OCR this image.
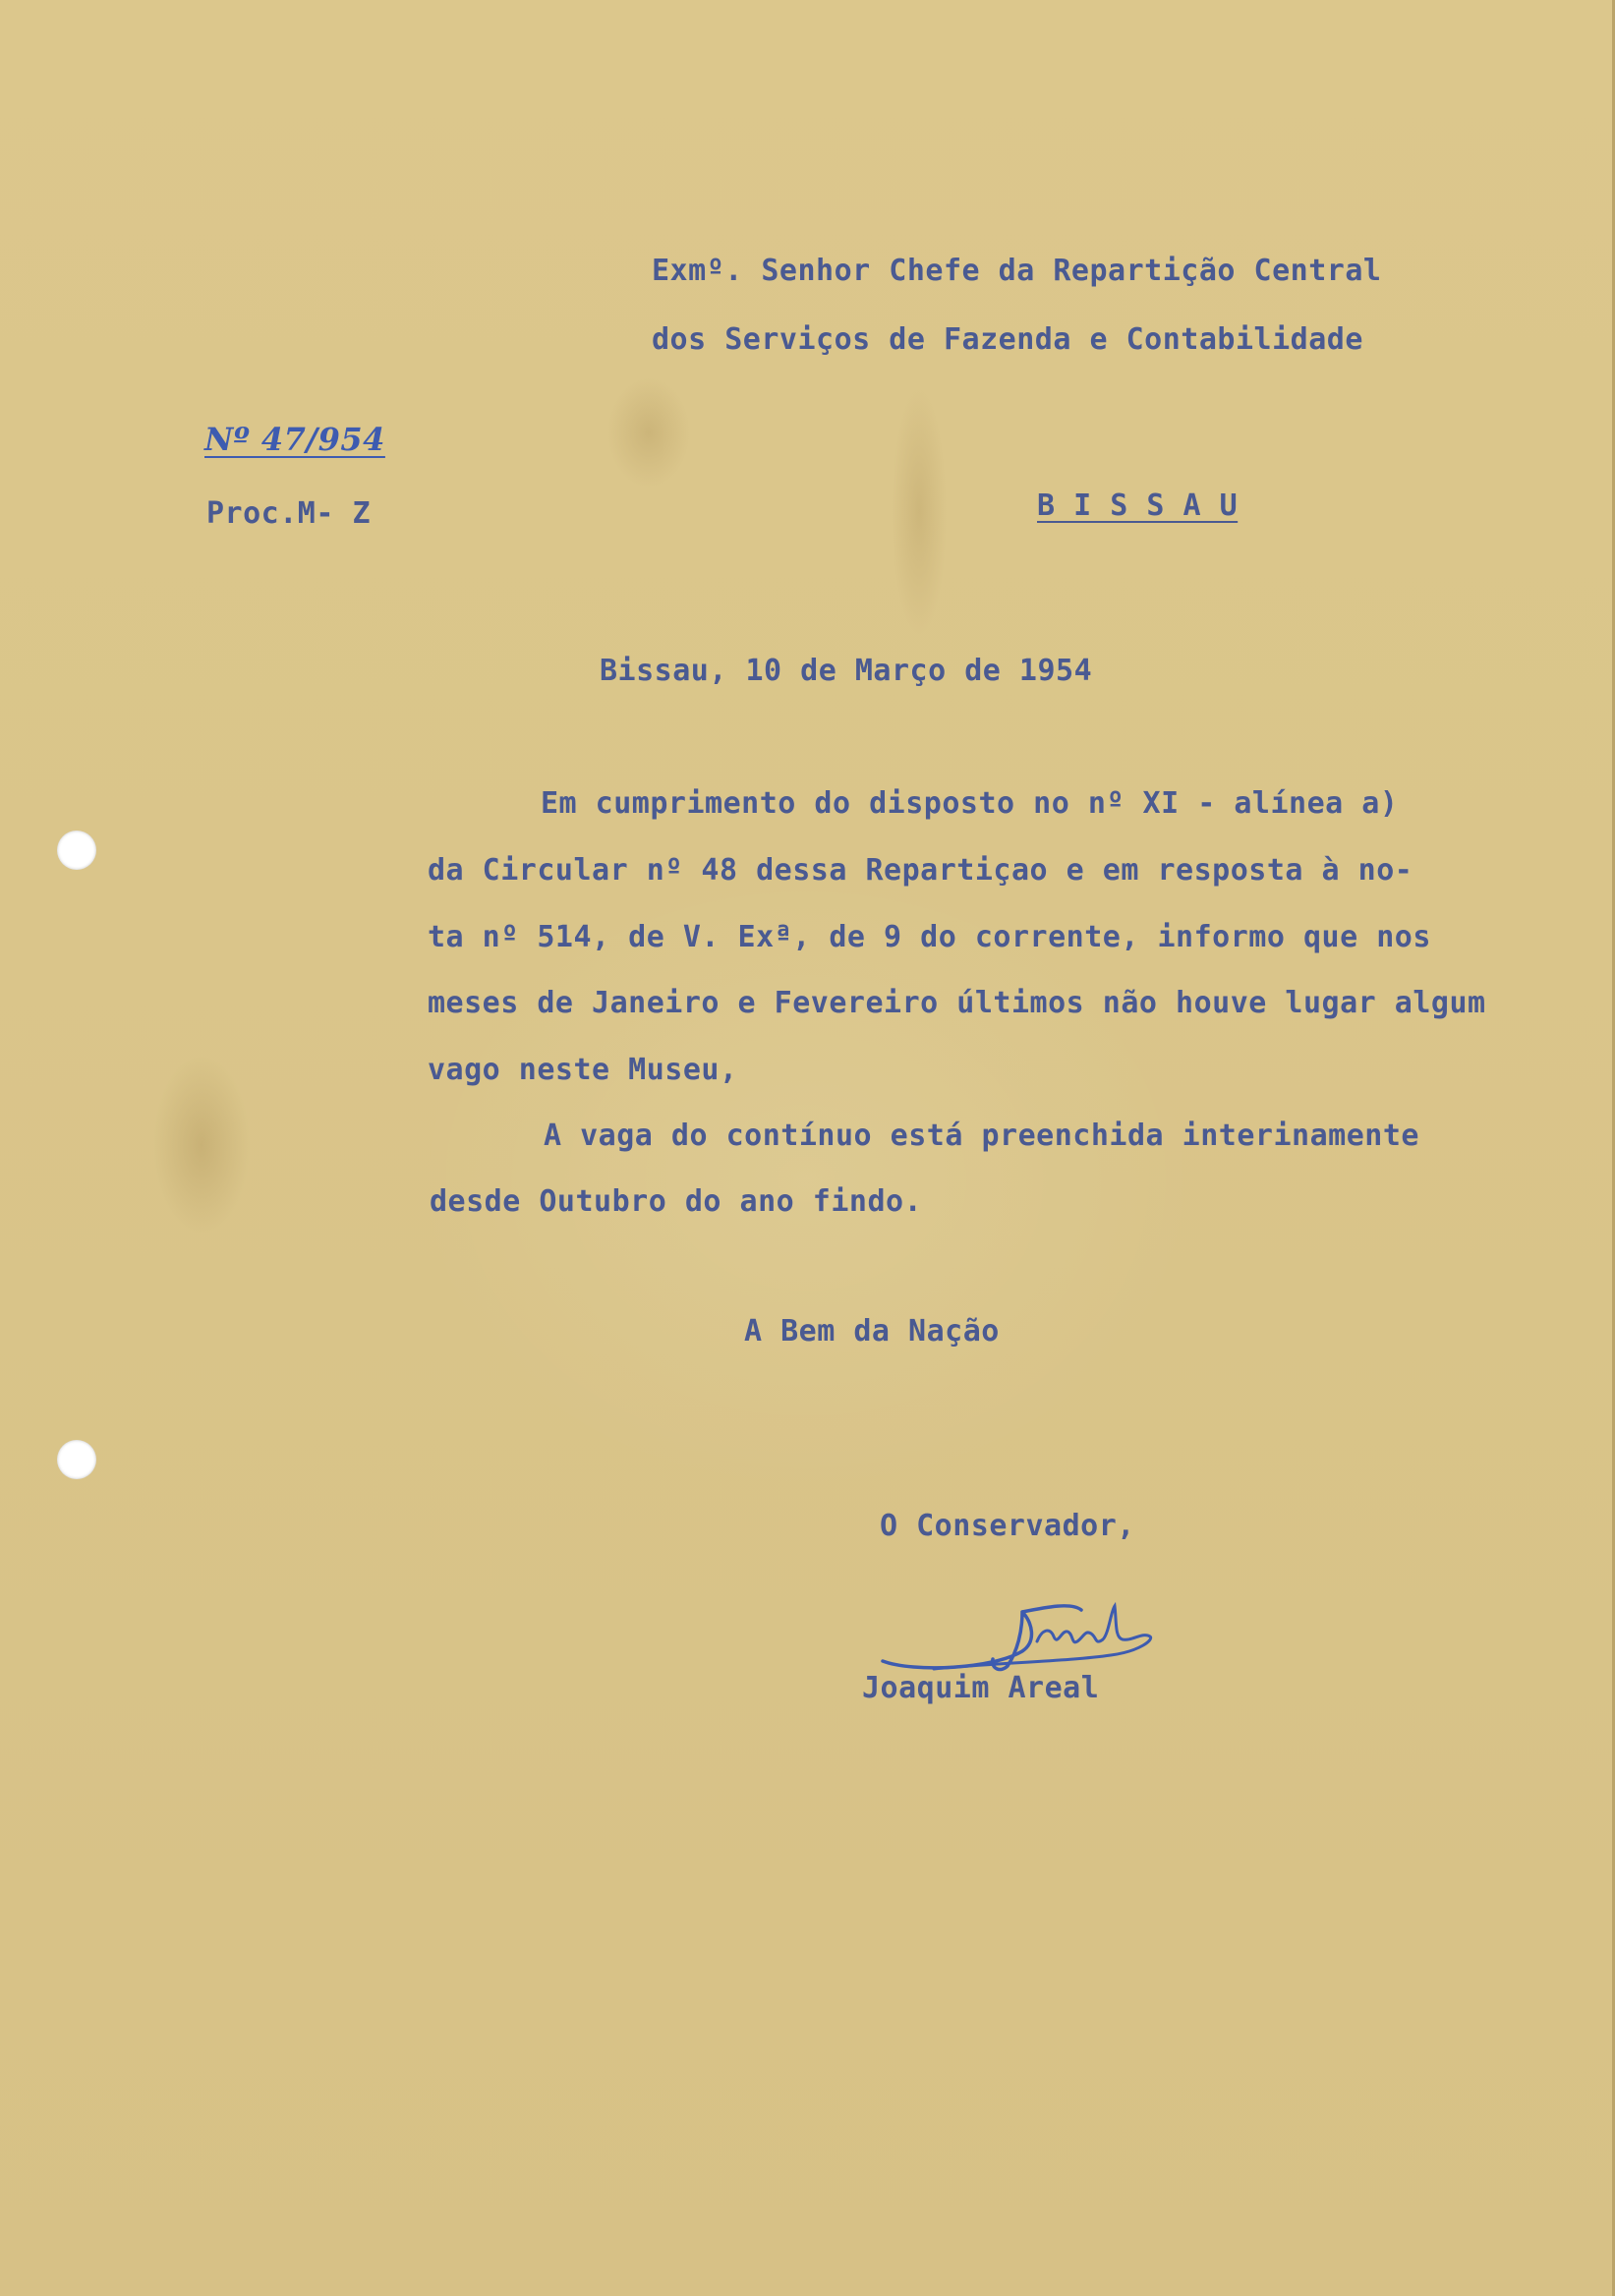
Exmº. Senhor Chefe da Repartição Central
dos Serviços de Fazenda e Contabilidade
Nº 47/954
Proc.M- Z	B I S S A U
Bissau, 10 de Março de 1954
Em cumprimento do disposto no nº XI - alínea a)
da Circular nº 48 dessa Repartiçao e em resposta à no-
ta nº 514, de V. Exª, de 9 do corrente, informo que nos
meses de Janeiro e Fevereiro últimos não houve lugar algum
vago neste Museu,
A vaga do contínuo está preenchida interinamente
desde Outubro do ano findo.
A Bem da Nação
O Conservador,
Joaquim Areal
